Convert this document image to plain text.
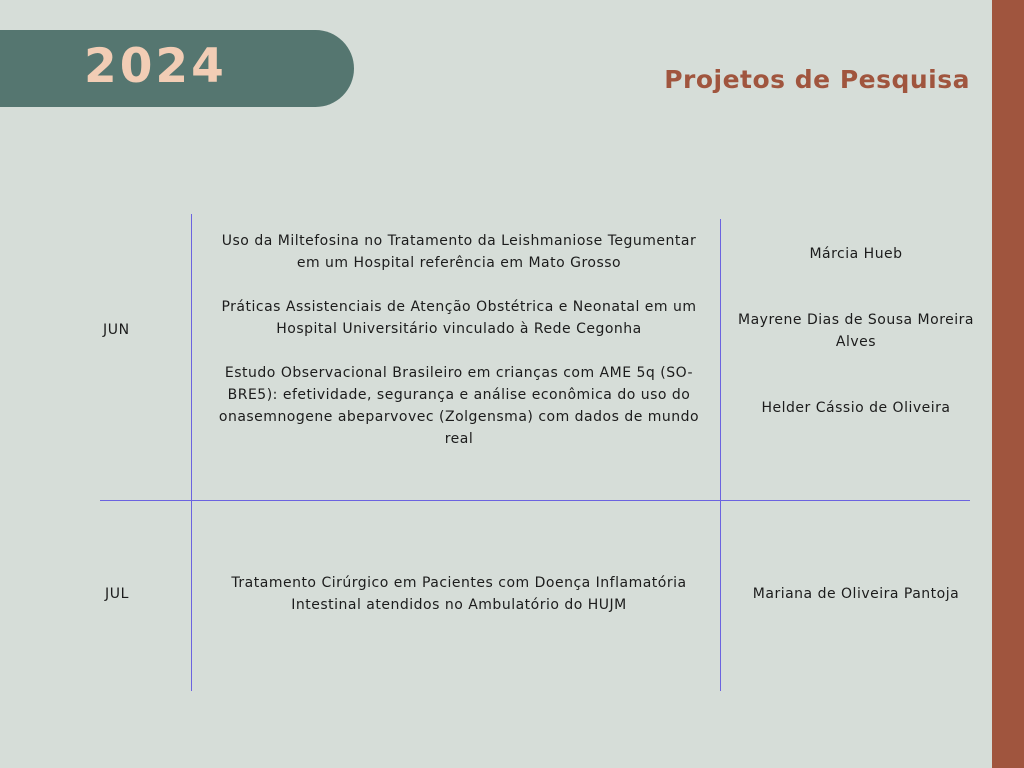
2024	Projetos de Pesquisa
JUN
Uso da Miltefosina no Tratamento da Leishmaniose Tegumentar em um Hospital referência em Mato Grosso
Práticas Assistenciais de Atenção Obstétrica e Neonatal em um Hospital Universitário vinculado à Rede Cegonha
Estudo Observacional Brasileiro em crianças com AME 5q (SO-BRE5): efetividade, segurança e análise econômica do uso do onasemnogene abeparvovec (Zolgensma) com dados de mundo real
Márcia Hueb
Mayrene Dias de Sousa Moreira Alves
Helder Cássio de Oliveira
JUL
Tratamento Cirúrgico em Pacientes com Doença Inflamatória Intestinal atendidos no Ambulatório do HUJM
Mariana de Oliveira Pantoja
